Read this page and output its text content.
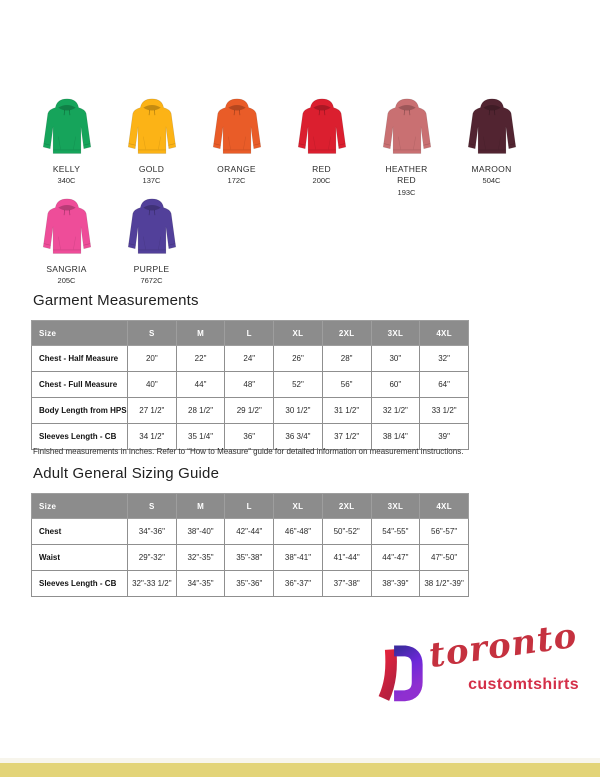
KELLY
340C
GOLD
137C
ORANGE
172C
RED
200C
HEATHER RED
193C
MAROON
504C
SANGRIA
205C
PURPLE
7672C
Garment Measurements
Size	S	M	L	XL	2XL	3XL	4XL
Chest - Half Measure	20"	22"	24"	26"	28"	30"	32"
Chest - Full Measure	40"	44"	48"	52"	56"	60"	64"
Body Length from HPS	27 1/2"	28 1/2"	29 1/2"	30 1/2"	31 1/2"	32 1/2"	33 1/2"
Sleeves Length - CB	34 1/2"	35 1/4"	36"	36 3/4"	37 1/2"	38 1/4"	39"

Finished measurements in inches. Refer to “How to Measure” guide for detailed information on measurement instructions.

Adult General Sizing Guide
Size	S	M	L	XL	2XL	3XL	4XL
Chest	34"-36"	38"-40"	42"-44"	46"-48"	50"-52"	54"-55"	56"-57"
Waist	29"-32"	32"-35"	35"-38"	38"-41"	41"-44"	44"-47"	47"-50"
Sleeves Length - CB	32"-33 1/2"	34"-35"	35"-36"	36"-37"	37"-38"	38"-39"	38 1/2"-39"
toronto
customtshirts
